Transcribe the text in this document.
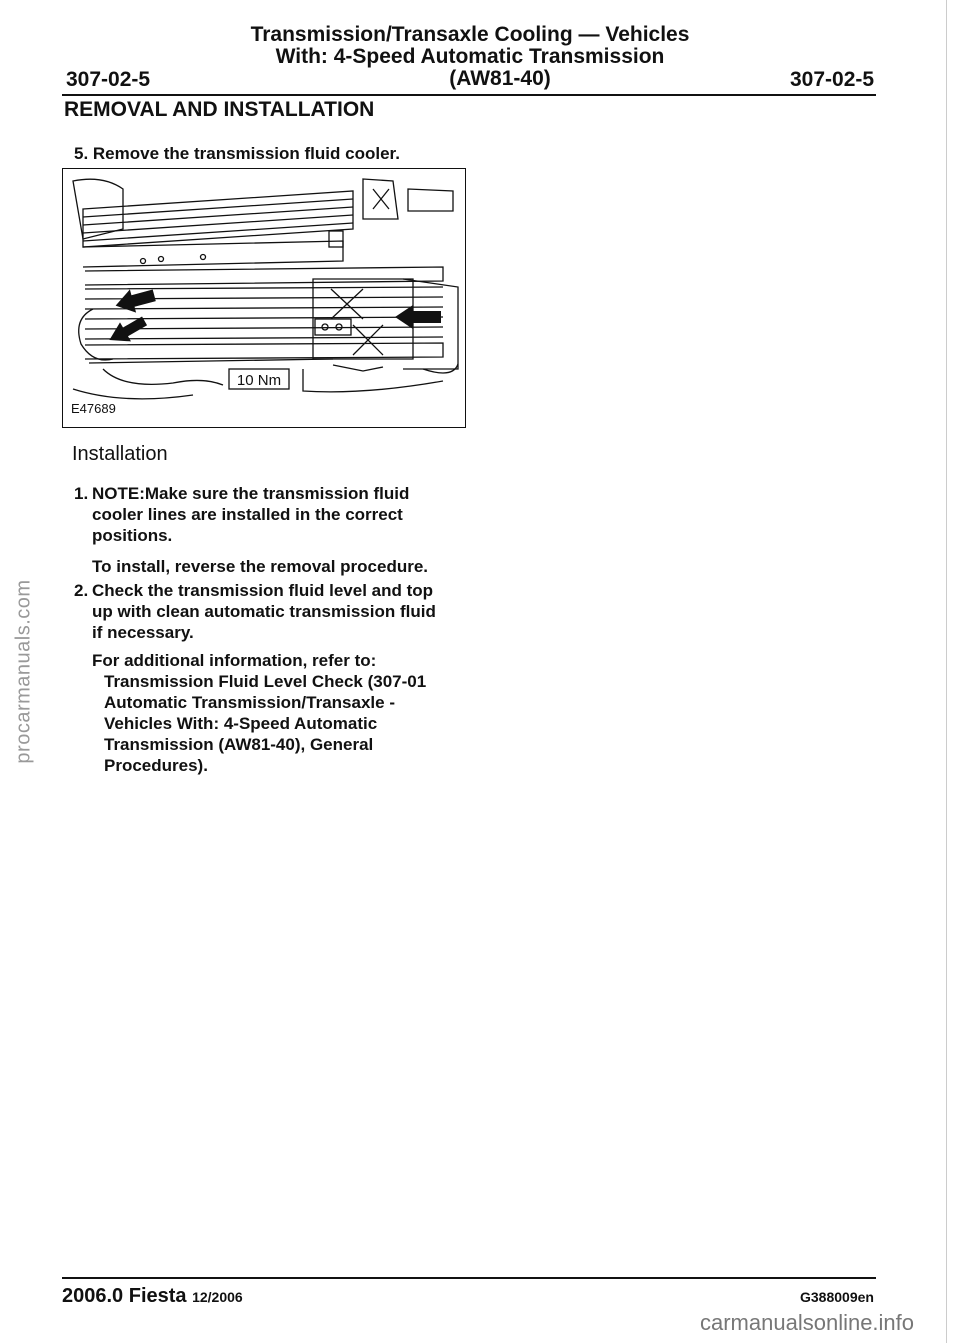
Transmission/Transaxle Cooling — Vehicles
With: 4-Speed Automatic Transmission
(AW81-40)
307-02-5	307-02-5
REMOVAL AND INSTALLATION
5. Remove the transmission fluid cooler.
10 Nm
E47689
Installation
1. NOTE:Make sure the transmission fluid
cooler lines are installed in the correct
positions.
To install, reverse the removal procedure.
2. Check the transmission fluid level and top
up with clean automatic transmission fluid
if necessary.
For additional information, refer to:
Transmission Fluid Level Check (307-01
Automatic Transmission/Transaxle -
Vehicles With: 4-Speed Automatic
Transmission (AW81-40), General
Procedures).
procarmanuals.com
2006.0 Fiesta 12/2006	G388009en
carmanualsonline.info
